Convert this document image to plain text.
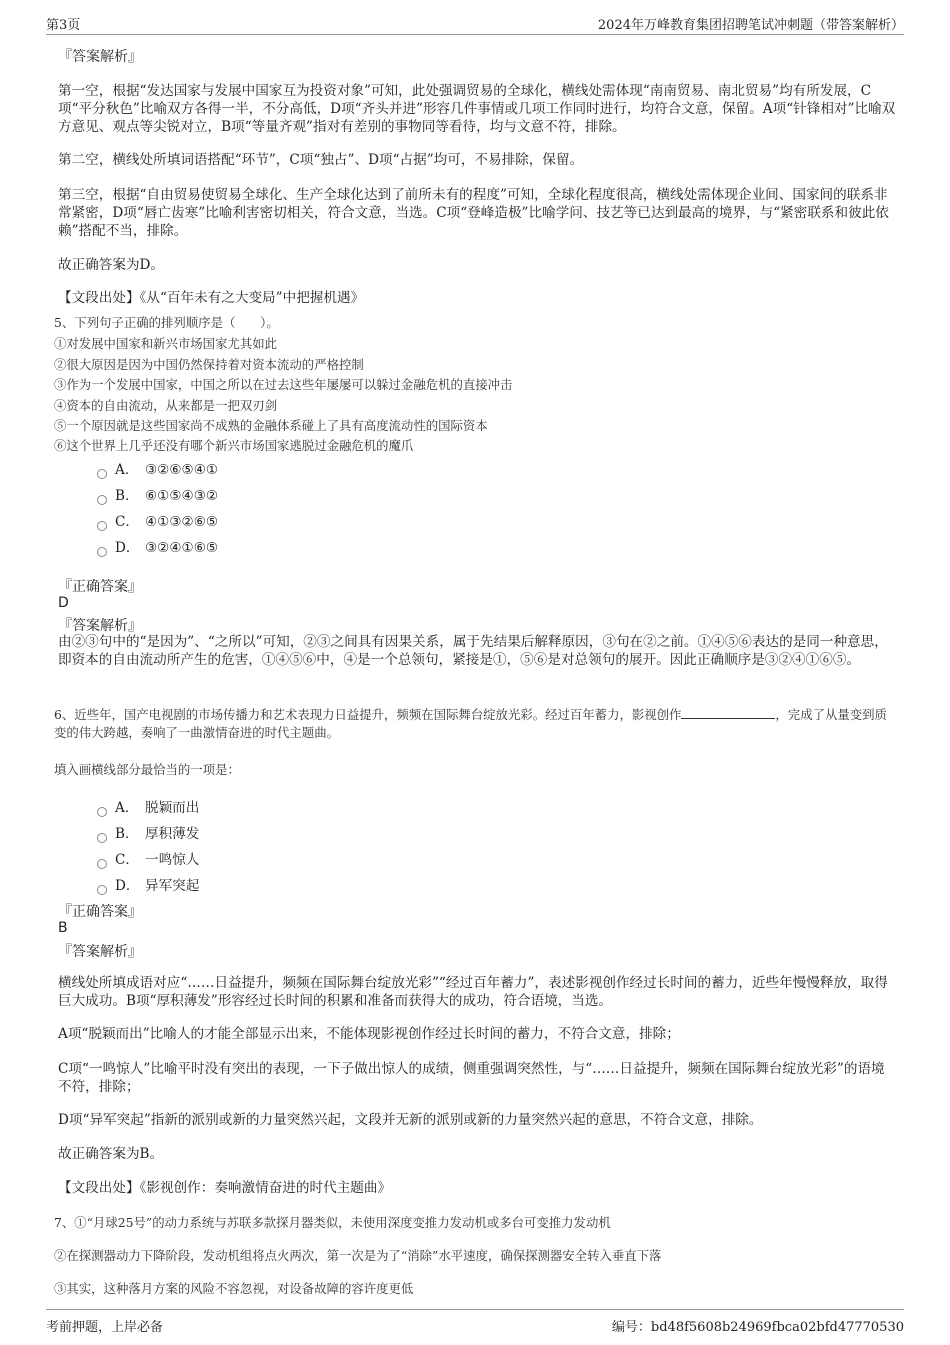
第3页	2024年万峰教育集团招聘笔试冲刺题（带答案解析）
『答案解析』
第一空，根据“发达国家与发展中国家互为投资对象”可知，此处强调贸易的全球化，横线处需体现“南南贸易、南北贸易”均有所发展，C项“平分秋色”比喻双方各得一半，不分高低，D项“齐头并进”形容几件事情或几项工作同时进行，均符合文意，保留。A项“针锋相对”比喻双方意见、观点等尖锐对立，B项“等量齐观”指对有差别的事物同等看待，均与文意不符，排除。
第二空，横线处所填词语搭配“环节”，C项“独占”、D项“占据”均可，不易排除，保留。
第三空，根据“自由贸易使贸易全球化、生产全球化达到了前所未有的程度”可知，全球化程度很高，横线处需体现企业间、国家间的联系非常紧密，D项“唇亡齿寒”比喻利害密切相关，符合文意，当选。C项“登峰造极”比喻学问、技艺等已达到最高的境界，与“紧密联系和彼此依赖”搭配不当，排除。
故正确答案为D。
【文段出处】《从“百年未有之大变局”中把握机遇》
5、下列句子正确的排列顺序是（　　）。
①对发展中国家和新兴市场国家尤其如此
②很大原因是因为中国仍然保持着对资本流动的严格控制
③作为一个发展中国家，中国之所以在过去这些年屡屡可以躲过金融危机的直接冲击
④资本的自由流动，从来都是一把双刃剑
⑤一个原因就是这些国家尚不成熟的金融体系碰上了具有高度流动性的国际资本
⑥这个世界上几乎还没有哪个新兴市场国家逃脱过金融危机的魔爪
A． ③②⑥⑤④①
B． ⑥①⑤④③②
C． ④①③②⑥⑤
D． ③②④①⑥⑤
『正确答案』
D
『答案解析』
由②③句中的“是因为”、“之所以”可知，②③之间具有因果关系，属于先结果后解释原因，③句在②之前。①④⑤⑥表达的是同一种意思，即资本的自由流动所产生的危害，①④⑤⑥中，④是一个总领句，紧接是①，⑤⑥是对总领句的展开。因此正确顺序是③②④①⑥⑤。
6、近些年，国产电视剧的市场传播力和艺术表现力日益提升，频频在国际舞台绽放光彩。经过百年蓄力，影视创作	，完成了从量变到质变的伟大跨越，奏响了一曲激情奋进的时代主题曲。
填入画横线部分最恰当的一项是：
A． 脱颖而出
B． 厚积薄发
C． 一鸣惊人
D． 异军突起
『正确答案』
B
『答案解析』
横线处所填成语对应“……日益提升，频频在国际舞台绽放光彩”“经过百年蓄力”，表述影视创作经过长时间的蓄力，近些年慢慢释放，取得巨大成功。B项“厚积薄发”形容经过长时间的积累和准备而获得大的成功，符合语境，当选。
A项“脱颖而出”比喻人的才能全部显示出来，不能体现影视创作经过长时间的蓄力，不符合文意，排除；
C项“一鸣惊人”比喻平时没有突出的表现，一下子做出惊人的成绩，侧重强调突然性，与“……日益提升，频频在国际舞台绽放光彩”的语境不符，排除；
D项“异军突起”指新的派别或新的力量突然兴起，文段并无新的派别或新的力量突然兴起的意思，不符合文意，排除。
故正确答案为B。
【文段出处】《影视创作：奏响激情奋进的时代主题曲》
7、①“月球25号”的动力系统与苏联多款探月器类似，未使用深度变推力发动机或多台可变推力发动机
②在探测器动力下降阶段，发动机组将点火两次，第一次是为了“消除”水平速度，确保探测器安全转入垂直下落
③其实，这种落月方案的风险不容忽视，对设备故障的容许度更低
考前押题，上岸必备	编号：bd48f5608b24969fbca02bfd47770530
